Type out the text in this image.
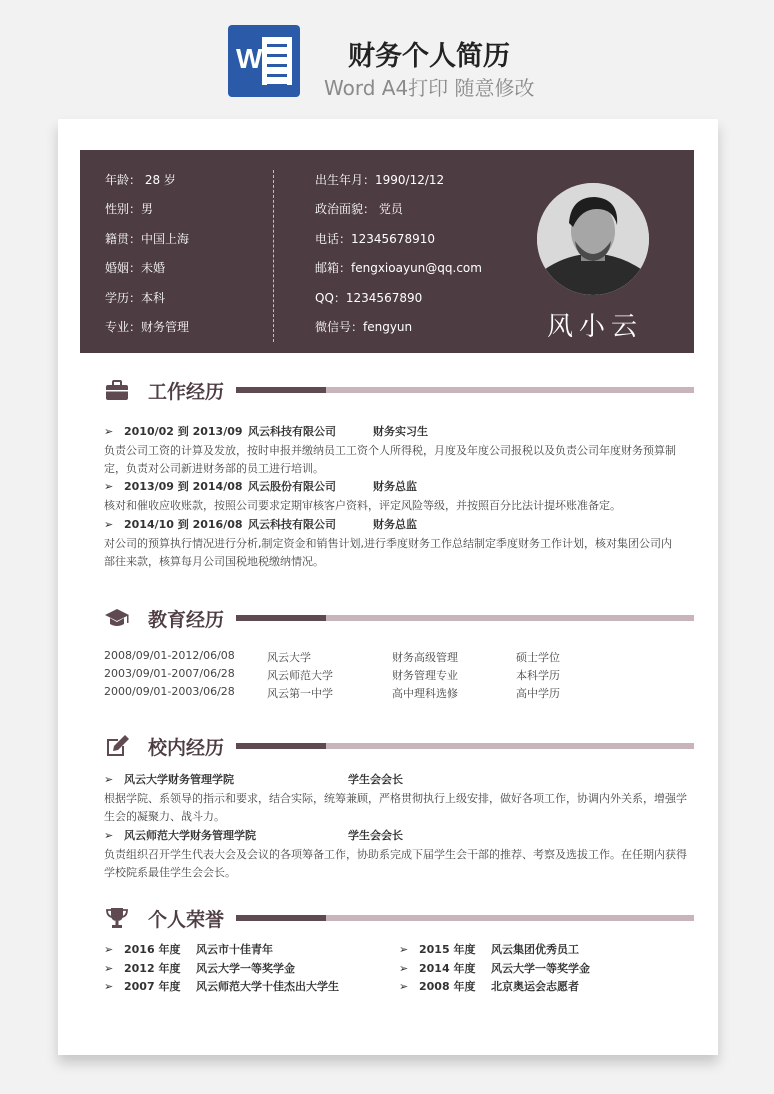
W	财务个人简历
Word A4打印 随意修改
年龄： 28 岁
性别：男
籍贯：中国上海
婚姻：未婚
学历：本科
专业：财务管理
出生年月：1990/12/12
政治面貌： 党员
电话：12345678910
邮箱：fengxioayun@qq.com
QQ：1234567890
微信号：fengyun	风小云
工作经历
➢ 2010/02 到 2013/09 风云科技有限公司	财务实习生
负责公司工资的计算及发放，按时申报并缴纳员工工资个人所得税，月度及年度公司报税以及负责公司年度财务预算制
定，负责对公司新进财务部的员工进行培训。
➢ 2013/09 到 2014/08 风云股份有限公司	财务总监
核对和催收应收账款，按照公司要求定期审核客户资料，评定风险等级，并按照百分比法计提坏账准备定。
➢ 2014/10 到 2016/08 风云科技有限公司	财务总监
对公司的预算执行情况进行分析,制定资金和销售计划,进行季度财务工作总结制定季度财务工作计划，核对集团公司内
部往来款，核算每月公司国税地税缴纳情况。
教育经历
2008/09/01-2012/06/08	风云大学	财务高级管理	硕士学位
2003/09/01-2007/06/28	风云师范大学	财务管理专业	本科学历
2000/09/01-2003/06/28	风云第一中学	高中理科选修	高中学历
校内经历
➢ 风云大学财务管理学院	学生会会长
根据学院、系领导的指示和要求，结合实际，统筹兼顾，严格贯彻执行上级安排，做好各项工作，协调内外关系，增强学
生会的凝聚力、战斗力。
➢ 风云师范大学财务管理学院	学生会会长
负责组织召开学生代表大会及会议的各项筹备工作，协助系完成下届学生会干部的推荐、考察及选拔工作。在任期内获得
学校院系最佳学生会会长。
个人荣誉
➢ 2016 年度 风云市十佳青年
➢ 2012 年度 风云大学一等奖学金
➢ 2007 年度 风云师范大学十佳杰出大学生
➢ 2015 年度 风云集团优秀员工
➢ 2014 年度 风云大学一等奖学金
➢ 2008 年度 北京奥运会志愿者
